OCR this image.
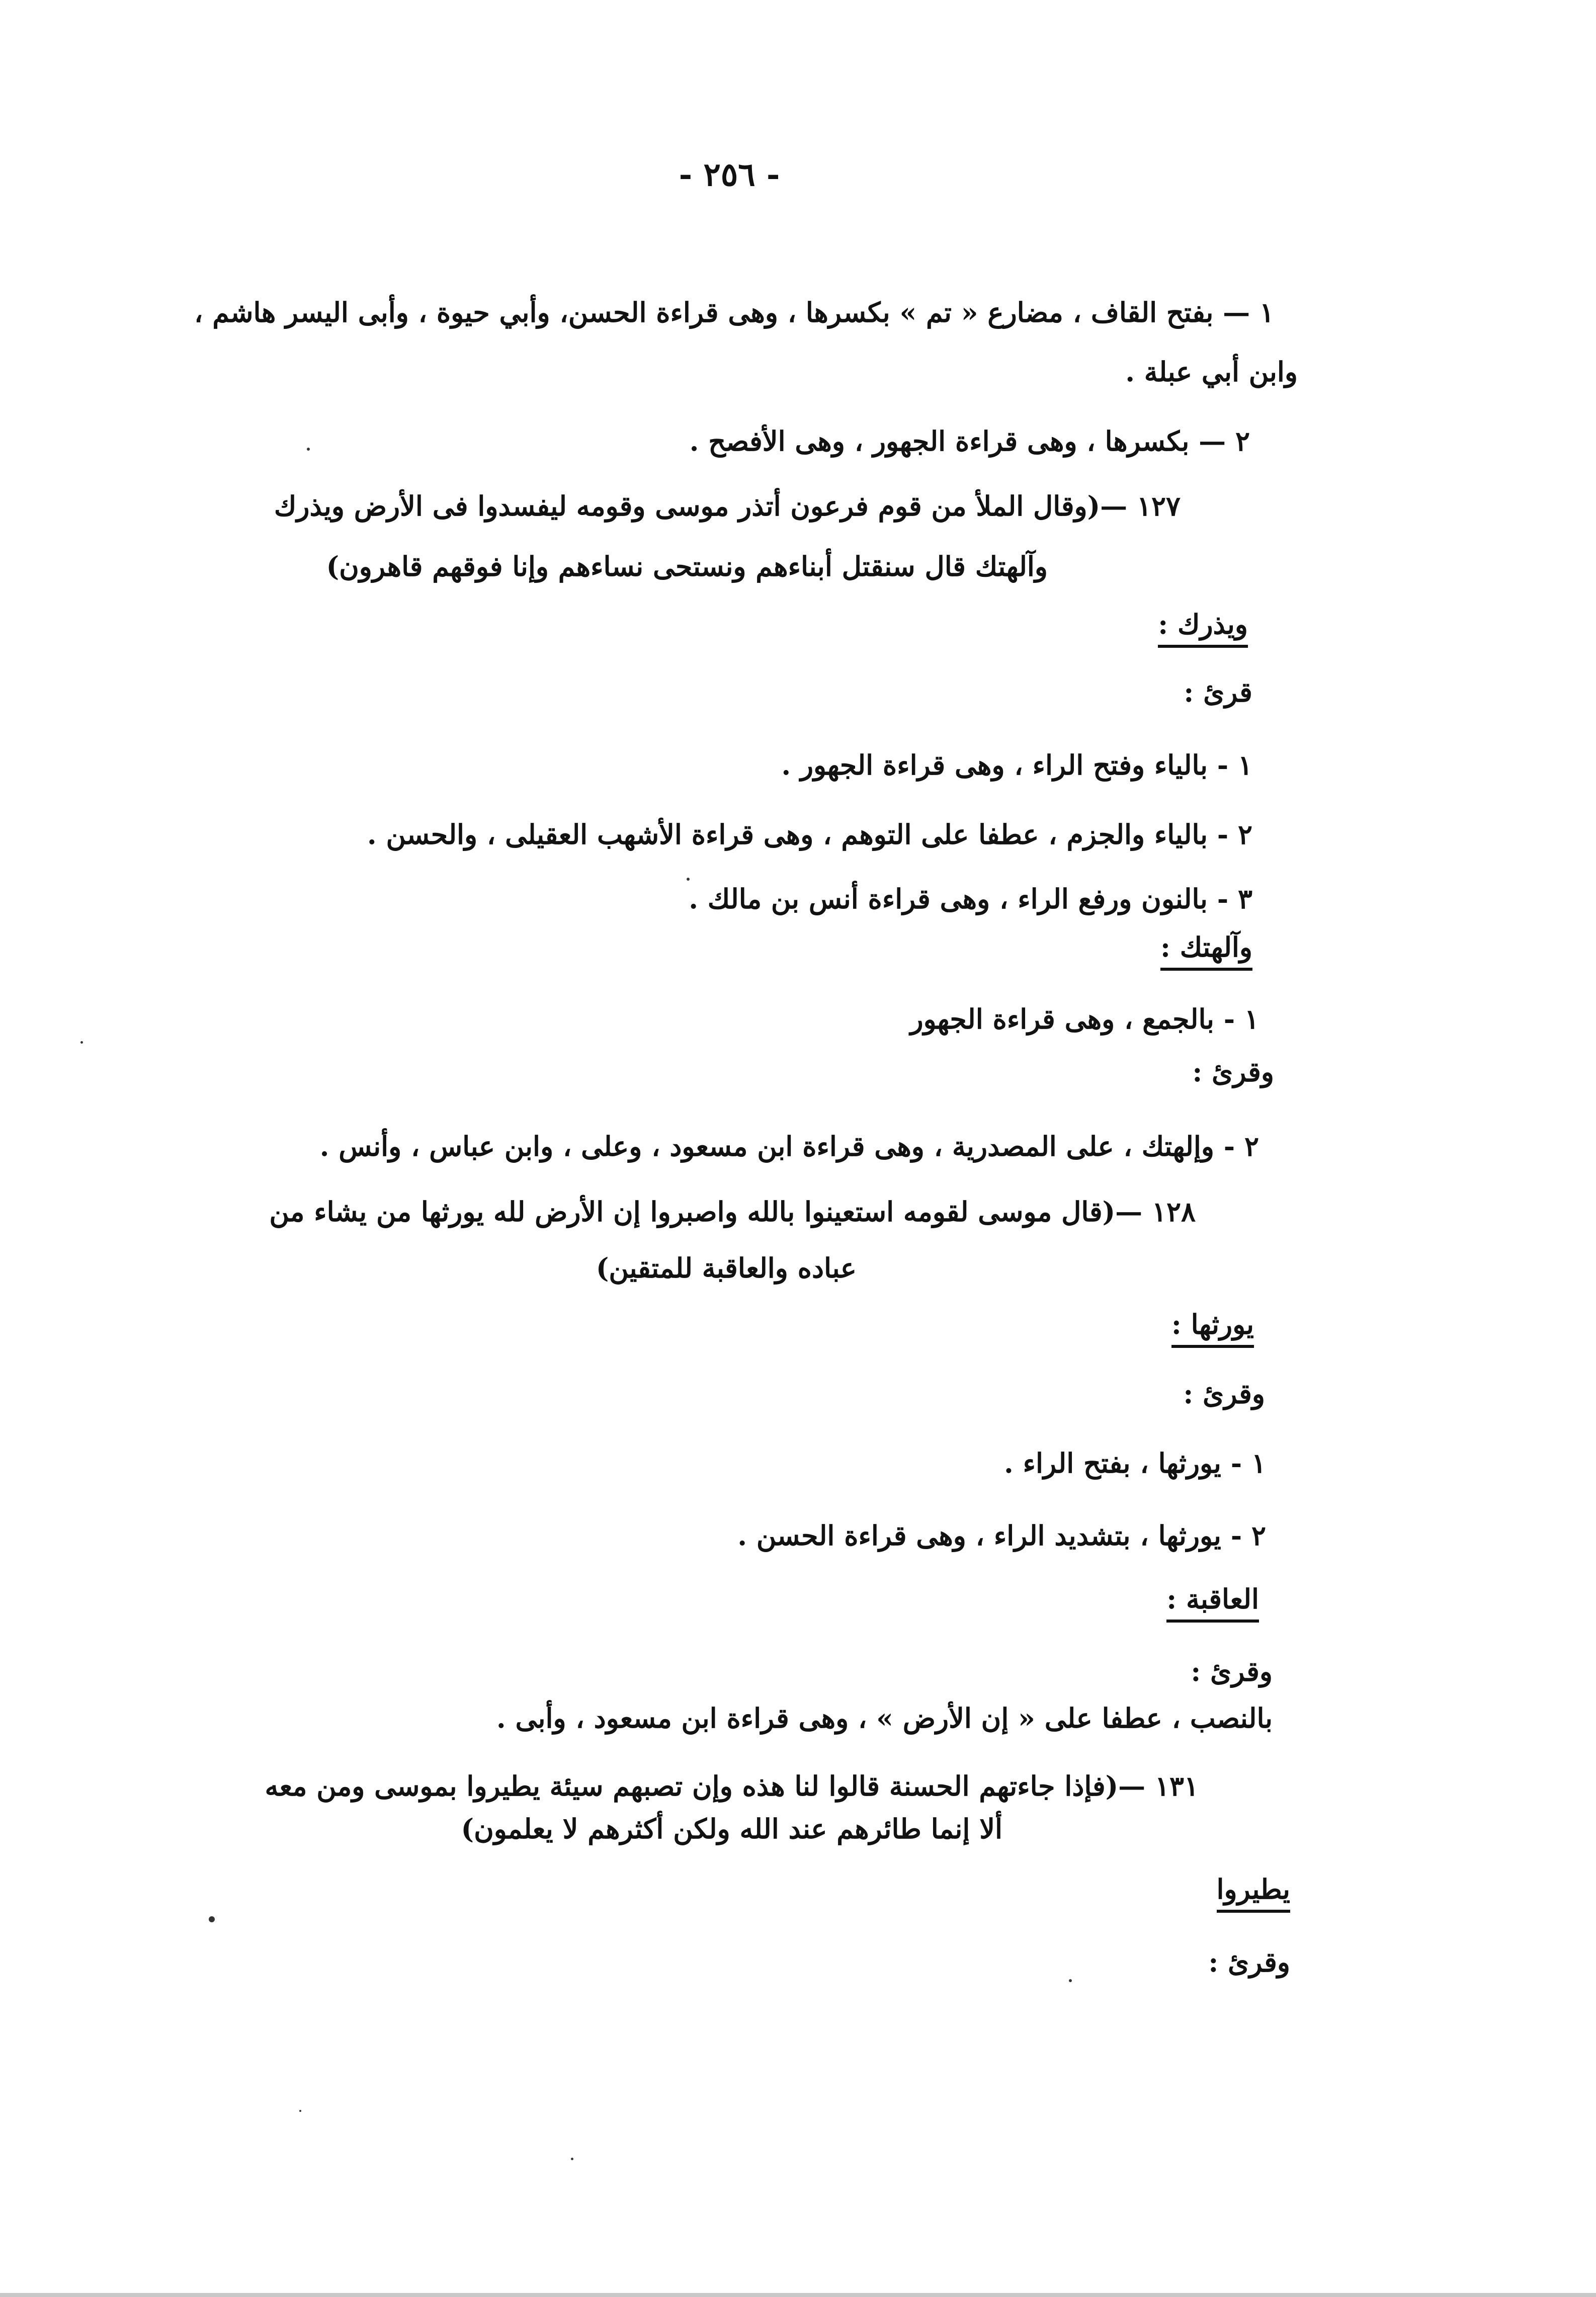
- ٢٥٦ -
١ — بفتح القاف ، مضارع « تم » بكسرها ، وهى قراءة الحسن، وأبي حيوة ، وأبى اليسر هاشم ،
وابن أبي عبلة .
٢ — بكسرها ، وهى قراءة الجهور ، وهى الأفصح .
١٢٧ —(وقال الملأ من قوم فرعون أتذر موسى وقومه ليفسدوا فى الأرض ويذرك
وآلهتك قال سنقتل أبناءهم ونستحى نساءهم وإنا فوقهم قاهرون)
ويذرك :
قرئ :
١ - بالياء وفتح الراء ، وهى قراءة الجهور .
٢ - بالياء والجزم ، عطفا على التوهم ، وهى قراءة الأشهب العقيلى ، والحسن .
٣ - بالنون ورفع الراء ، وهى قراءة أنس بن مالك .
وآلهتك :
١ - بالجمع ، وهى قراءة الجهور
وقرئ :
٢ - وإلهتك ، على المصدرية ، وهى قراءة ابن مسعود ، وعلى ، وابن عباس ، وأنس .
١٢٨ —(قال موسى لقومه استعينوا بالله واصبروا إن الأرض لله يورثها من يشاء من
عباده والعاقبة للمتقين)
يورثها :
وقرئ :
١ - يورثها ، بفتح الراء .
٢ - يورثها ، بتشديد الراء ، وهى قراءة الحسن .
العاقبة :
وقرئ :
بالنصب ، عطفا على « إن الأرض » ، وهى قراءة ابن مسعود ، وأبى .
١٣١ —(فإذا جاءتهم الحسنة قالوا لنا هذه وإن تصبهم سيئة يطيروا بموسى ومن معه
ألا إنما طائرهم عند الله ولكن أكثرهم لا يعلمون)
يطيروا
وقرئ :
